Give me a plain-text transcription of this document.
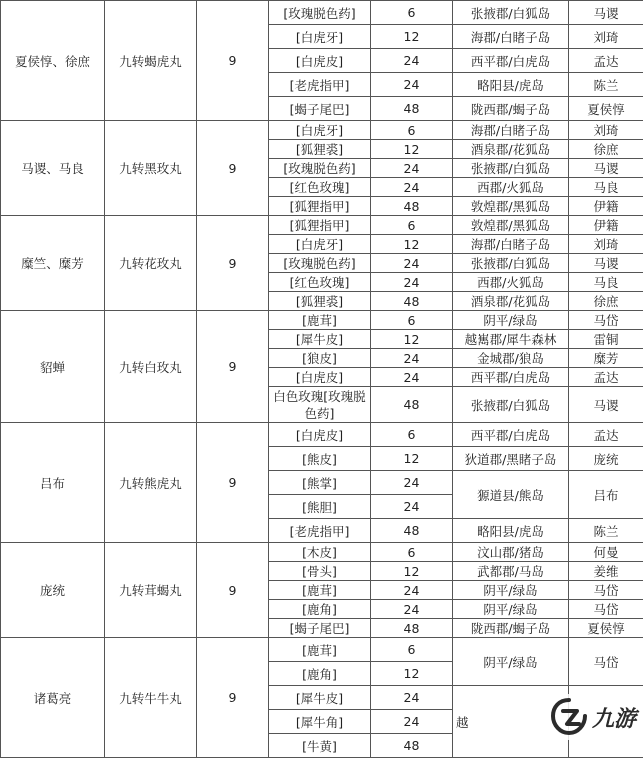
夏侯惇、徐庶	九转蝎虎丸	9	[玫瑰脱色药]	6	张掖郡/白狐岛	马谡
			[白虎牙]	12	海郡/白睹子岛	刘琦
			[白虎皮]	24	西平郡/白虎岛	孟达
			[老虎指甲]	24	略阳县/虎岛	陈兰
			[蝎子尾巴]	48	陇西郡/蝎子岛	夏侯惇
马谡、马良	九转黑玫丸	9	[白虎牙]	6	海郡/白睹子岛	刘琦
			[狐狸裘]	12	酒泉郡/花狐岛	徐庶
			[玫瑰脱色药]	24	张掖郡/白狐岛	马谡
			[红色玫瑰]	24	西郡/火狐岛	马良
			[狐狸指甲]	48	敦煌郡/黑狐岛	伊籍
糜竺、糜芳	九转花玫丸	9	[狐狸指甲]	6	敦煌郡/黑狐岛	伊籍
			[白虎牙]	12	海郡/白睹子岛	刘琦
			[玫瑰脱色药]	24	张掖郡/白狐岛	马谡
			[红色玫瑰]	24	西郡/火狐岛	马良
			[狐狸裘]	48	酒泉郡/花狐岛	徐庶
貂蝉	九转白玫丸	9	[鹿茸]	6	阴平/绿岛	马岱
			[犀牛皮]	12	越嶲郡/犀牛森林	雷铜
			[狼皮]	24	金城郡/狼岛	糜芳
			[白虎皮]	24	西平郡/白虎岛	孟达
			白色玫瑰[玫瑰脱色药]	48	张掖郡/白狐岛	马谡
吕布	九转熊虎丸	9	[白虎皮]	6	西平郡/白虎岛	孟达
			[熊皮]	12	狄道郡/黑睹子岛	庞统
			[熊掌]	24	獂道县/熊岛	吕布
			[熊胆]	24		
			[老虎指甲]	48	略阳县/虎岛	陈兰
庞统	九转茸蝎丸	9	[木皮]	6	汶山郡/猪岛	何曼
			[骨头]	12	武都郡/马岛	姜维
			[鹿茸]	24	阴平/绿岛	马岱
			[鹿角]	24	阴平/绿岛	马岱
			[蝎子尾巴]	48	陇西郡/蝎子岛	夏侯惇
诸葛亮	九转牛牛丸	9	[鹿茸]	6	阴平/绿岛	马岱
			[鹿角]	12		
			[犀牛皮]	24	越	
			[犀牛角]	24		
			[牛黄]	48		
九游
